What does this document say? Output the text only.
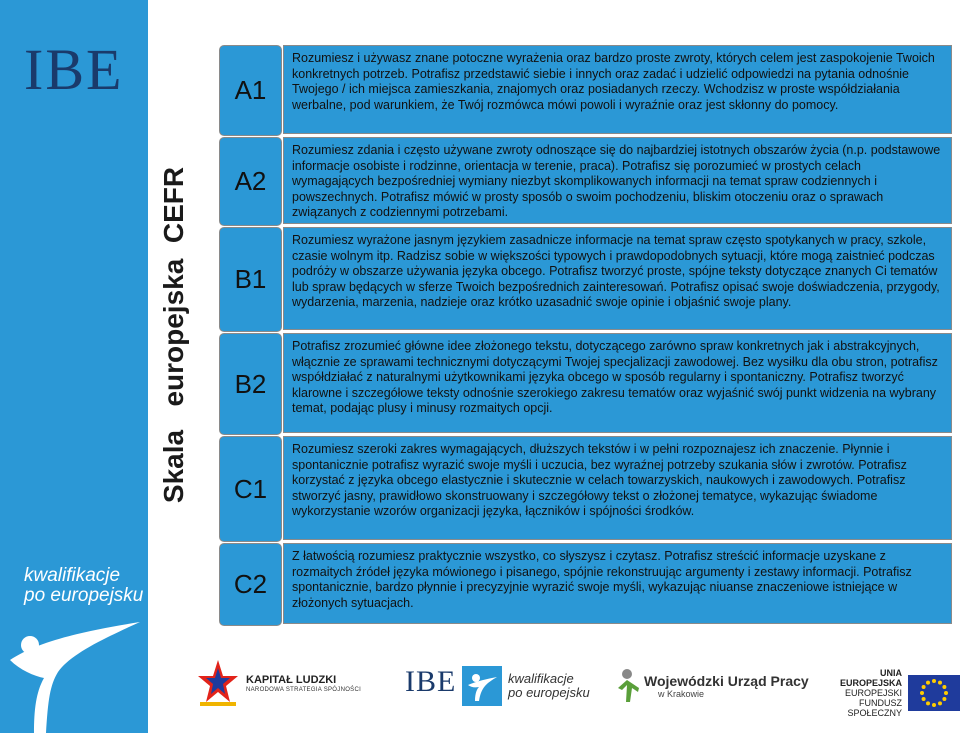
IBE
kwalifikacje
po europejsku
Skala   europejska  CEFR
A1
A2
B1
B2
C1
C2
Rozumiesz i używasz znane potoczne wyrażenia oraz bardzo proste zwroty, których celem jest zaspokojenie Twoich konkretnych potrzeb. Potrafisz przedstawić siebie i innych oraz zadać i udzielić odpowiedzi na pytania odnośnie Twojego / ich miejsca zamieszkania, znajomych oraz posiadanych rzeczy. Wchodzisz w proste współdziałania werbalne, pod warunkiem, że Twój rozmówca mówi powoli i wyraźnie oraz jest skłonny do pomocy.
Rozumiesz zdania i często używane zwroty odnoszące się do najbardziej istotnych obszarów życia (n.p. podstawowe informacje osobiste i rodzinne, orientacja w terenie, praca). Potrafisz się porozumieć w prostych celach wymagających bezpośredniej wymiany niezbyt skomplikowanych informacji na temat spraw codziennych i powszechnych. Potrafisz mówić w prosty sposób o swoim pochodzeniu, bliskim otoczeniu oraz o sprawach związanych z codziennymi potrzebami.
Rozumiesz wyrażone jasnym językiem zasadnicze informacje na temat spraw często spotykanych w pracy, szkole, czasie wolnym itp. Radzisz sobie w większości typowych i prawdopodobnych sytuacji, które mogą zaistnieć podczas podróży w obszarze używania języka obcego. Potrafisz tworzyć proste, spójne teksty dotyczące znanych Ci tematów lub spraw będących w sferze Twoich bezpośrednich zainteresowań. Potrafisz opisać swoje doświadczenia, przygody, wydarzenia, marzenia, nadzieje oraz krótko uzasadnić swoje opinie i objaśnić swoje plany.
Potrafisz zrozumieć główne idee złożonego tekstu, dotyczącego zarówno spraw konkretnych jak i abstrakcyjnych, włącznie ze sprawami technicznymi dotyczącymi Twojej specjalizacji zawodowej. Bez wysiłku dla obu stron, potrafisz współdziałać z naturalnymi użytkownikami języka obcego w sposób regularny i spontaniczny. Potrafisz tworzyć klarowne i szczegółowe teksty odnośnie szerokiego zakresu tematów oraz wyjaśnić swój punkt widzenia na wybrany temat, podając plusy i minusy rozmaitych opcji.
Rozumiesz szeroki zakres wymagających, dłuższych tekstów i w pełni rozpoznajesz ich znaczenie. Płynnie i spontanicznie potrafisz wyrazić swoje myśli i uczucia, bez wyraźnej potrzeby szukania słów i zwrotów. Potrafisz korzystać z języka obcego elastycznie i skutecznie w celach towarzyskich, naukowych i zawodowych. Potrafisz stworzyć jasny, prawidłowo skonstruowany i szczegółowy tekst o złożonej tematyce, wykazując świadome wykorzystanie wzorów organizacji języka, łączników i spójności środków.
Z łatwością rozumiesz praktycznie wszystko, co słyszysz i czytasz. Potrafisz streścić informacje uzyskane z rozmaitych źródeł języka mówionego i pisanego, spójnie rekonstruując argumenty i zestawy informacji. Potrafisz spontanicznie, bardzo płynnie i precyzyjnie wyrazić swoje myśli, wykazując niuanse znaczeniowe istniejące w złożonych sytuacjach.
KAPITAŁ LUDZKI
NARODOWA STRATEGIA SPÓJNOŚCI IBE	kwalifikacje
po europejsku
Wojewódzki Urząd Pracy
w Krakowie
UNIA EUROPEJSKA
EUROPEJSKI
FUNDUSZ SPOŁECZNY
